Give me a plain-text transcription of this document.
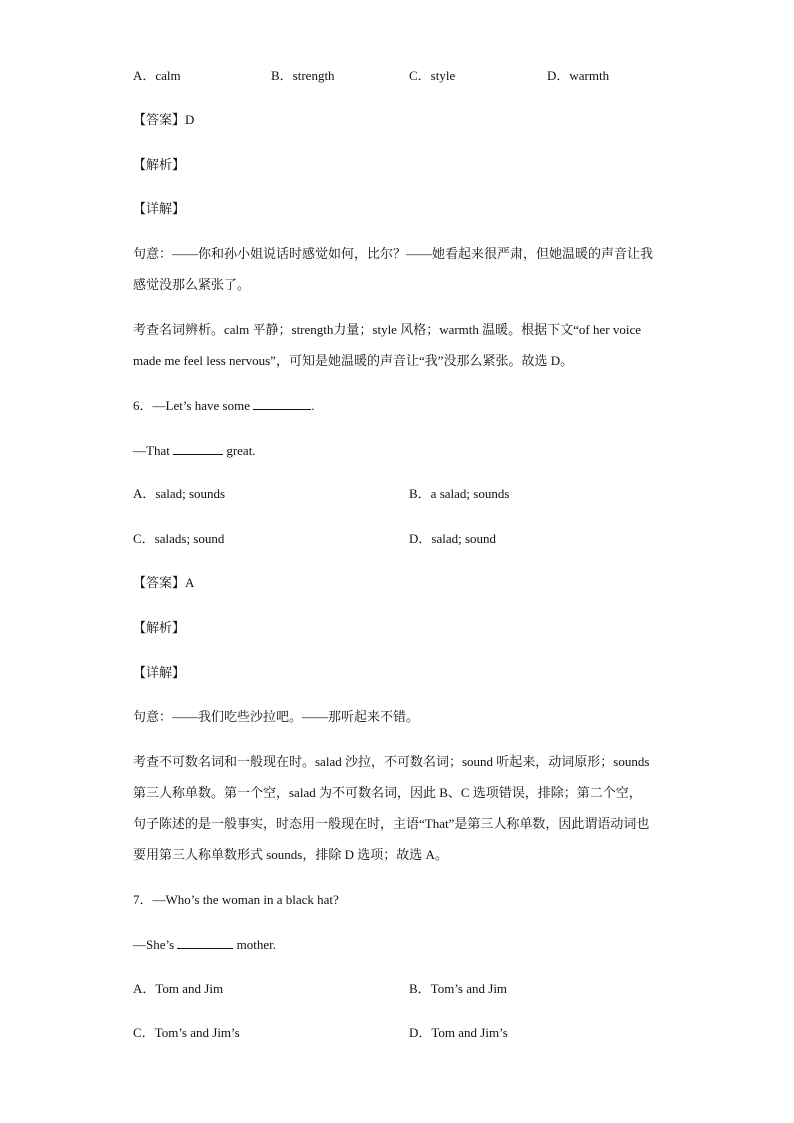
A．calm	B．strength	C．style	D．warmth
【答案】D
【解析】
【详解】
句意：——你和孙小姐说话时感觉如何，比尔？——她看起来很严肃，但她温暖的声音让我感觉没那么紧张了。
考查名词辨析。calm 平静；strength力量；style 风格；warmth 温暖。根据下文“of her voice made me feel less nervous”，可知是她温暖的声音让“我”没那么紧张。故选 D。
6．—Let’s have some	.
—That	great.
A．salad; sounds	B．a salad; sounds
C．salads; sound	D．salad; sound
【答案】A
【解析】
【详解】
句意：——我们吃些沙拉吧。——那听起来不错。
考查不可数名词和一般现在时。salad 沙拉，不可数名词；sound 听起来，动词原形；sounds 第三人称单数。第一个空，salad 为不可数名词，因此 B、C 选项错误，排除；第二个空，句子陈述的是一般事实，时态用一般现在时，主语“That”是第三人称单数，因此谓语动词也要用第三人称单数形式 sounds，排除 D 选项；故选 A。
7．—Who’s the woman in a black hat?
—She’s	mother.
A．Tom and Jim	B．Tom’s and Jim
C．Tom’s and Jim’s	D．Tom and Jim’s
